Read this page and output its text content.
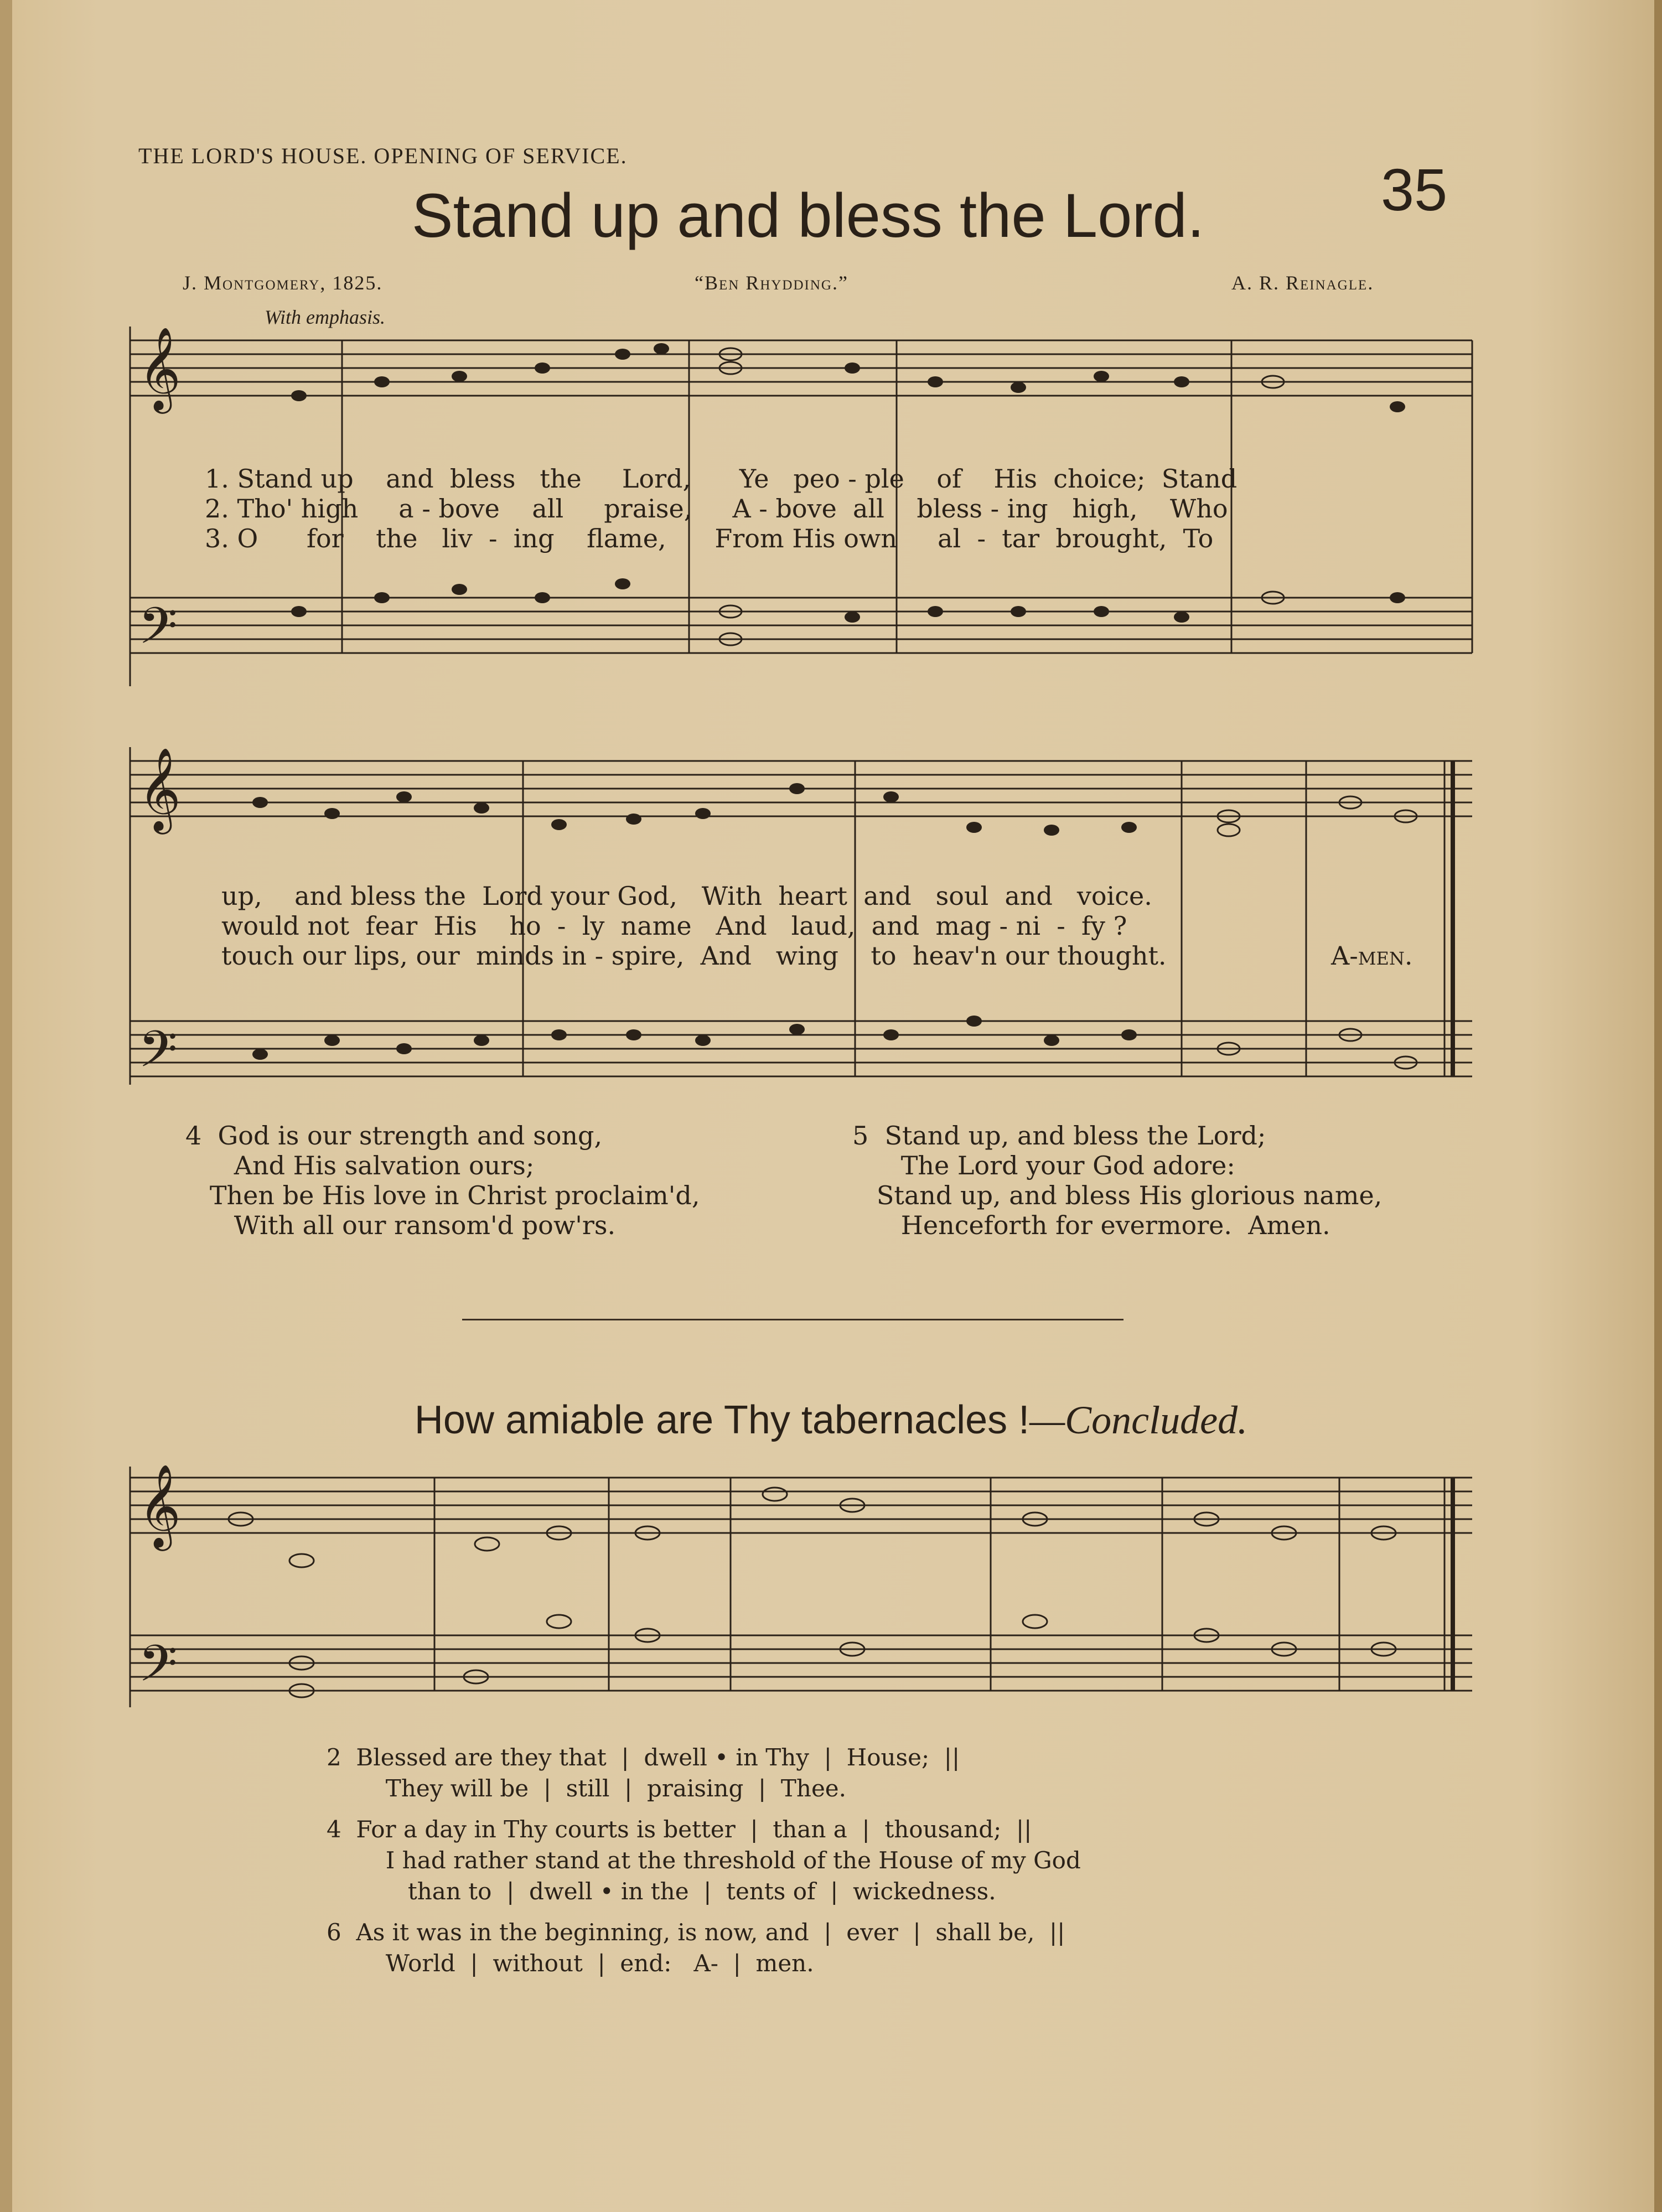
THE LORD'S HOUSE. OPENING OF SERVICE.
35
Stand up and bless the Lord.
J. Montgomery, 1825.	“Ben Rhydding.”	A. R. Reinagle.
With emphasis.
𝄞
𝄢
𝄞
𝄢
𝄞
𝄢
1. Stand up    and  bless   the     Lord,      Ye   peo - ple    of    His  choice;  Stand
2. Tho' high     a - bove    all     praise,     A - bove  all    bless - ing   high,    Who
3. O      for    the   liv  -  ing    flame,      From His own     al  -  tar  brought,  To
up,    and bless the  Lord your God,   With  heart  and   soul  and   voice.
would not  fear  His    ho  -  ly  name   And   laud,  and  mag - ni  -  fy ?
touch our lips, our  minds in - spire,  And   wing    to  heav'n our thought.	A-men.
4  God is our strength and song,
And His salvation ours;
Then be His love in Christ proclaim'd,
With all our ransom'd pow'rs.
5  Stand up, and bless the Lord;
The Lord your God adore:
Stand up, and bless His glorious name,
Henceforth for evermore.  Amen.
How amiable are Thy tabernacles !—Concluded.
2  Blessed are they that  |  dwell • in Thy  |  House;  ||
They will be  |  still  |  praising  |  Thee.
4  For a day in Thy courts is better  |  than a  |  thousand;  ||
I had rather stand at the threshold of the House of my God
than to  |  dwell • in the  |  tents of  |  wickedness.
6  As it was in the beginning, is now, and  |  ever  |  shall be,  ||
World  |  without  |  end:   A-  |  men.
